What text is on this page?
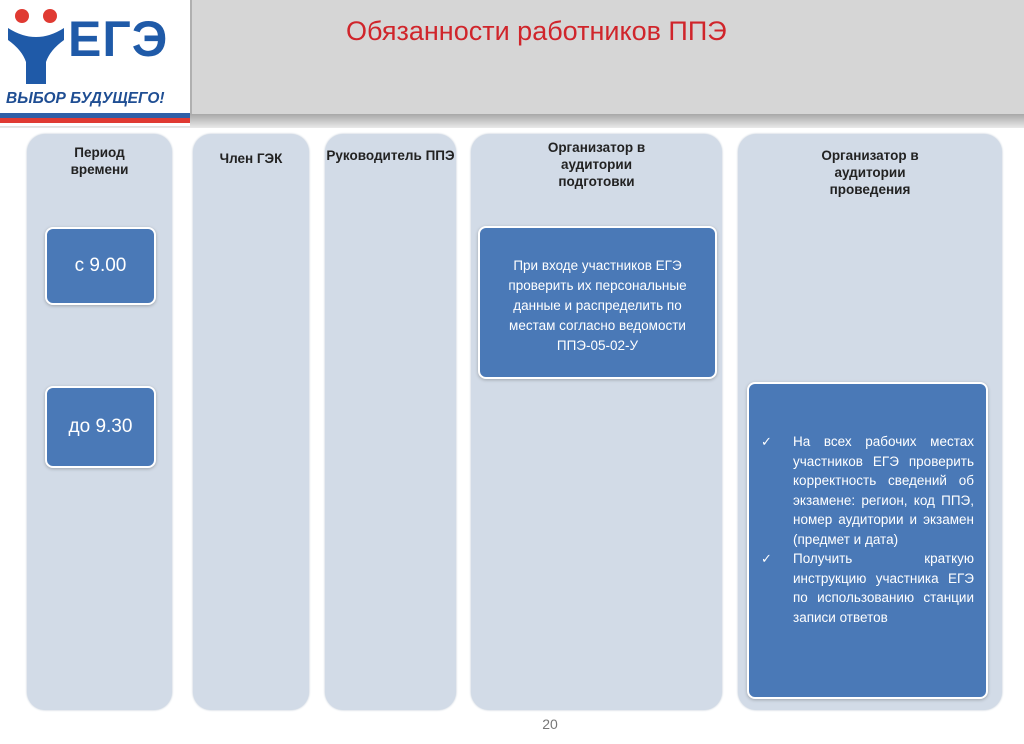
ЕГЭ
ВЫБОР БУДУЩЕГО!
Обязанности работников ППЭ
Период времени
с 9.00
до 9.30
Член ГЭК	Руководитель ППЭ
Организатор в аудитории подготовки
При входе участников ЕГЭ проверить их персональные данные и распределить по местам согласно ведомости ППЭ-05-02-У
Организатор в аудитории проведения
✓	На всех рабочих местах участников ЕГЭ проверить корректность сведений об экзамене: регион, код ППЭ, номер аудитории и экзамен (предмет и дата)
✓	Получить краткую инструкцию участника ЕГЭ по использованию станции записи ответов
20
